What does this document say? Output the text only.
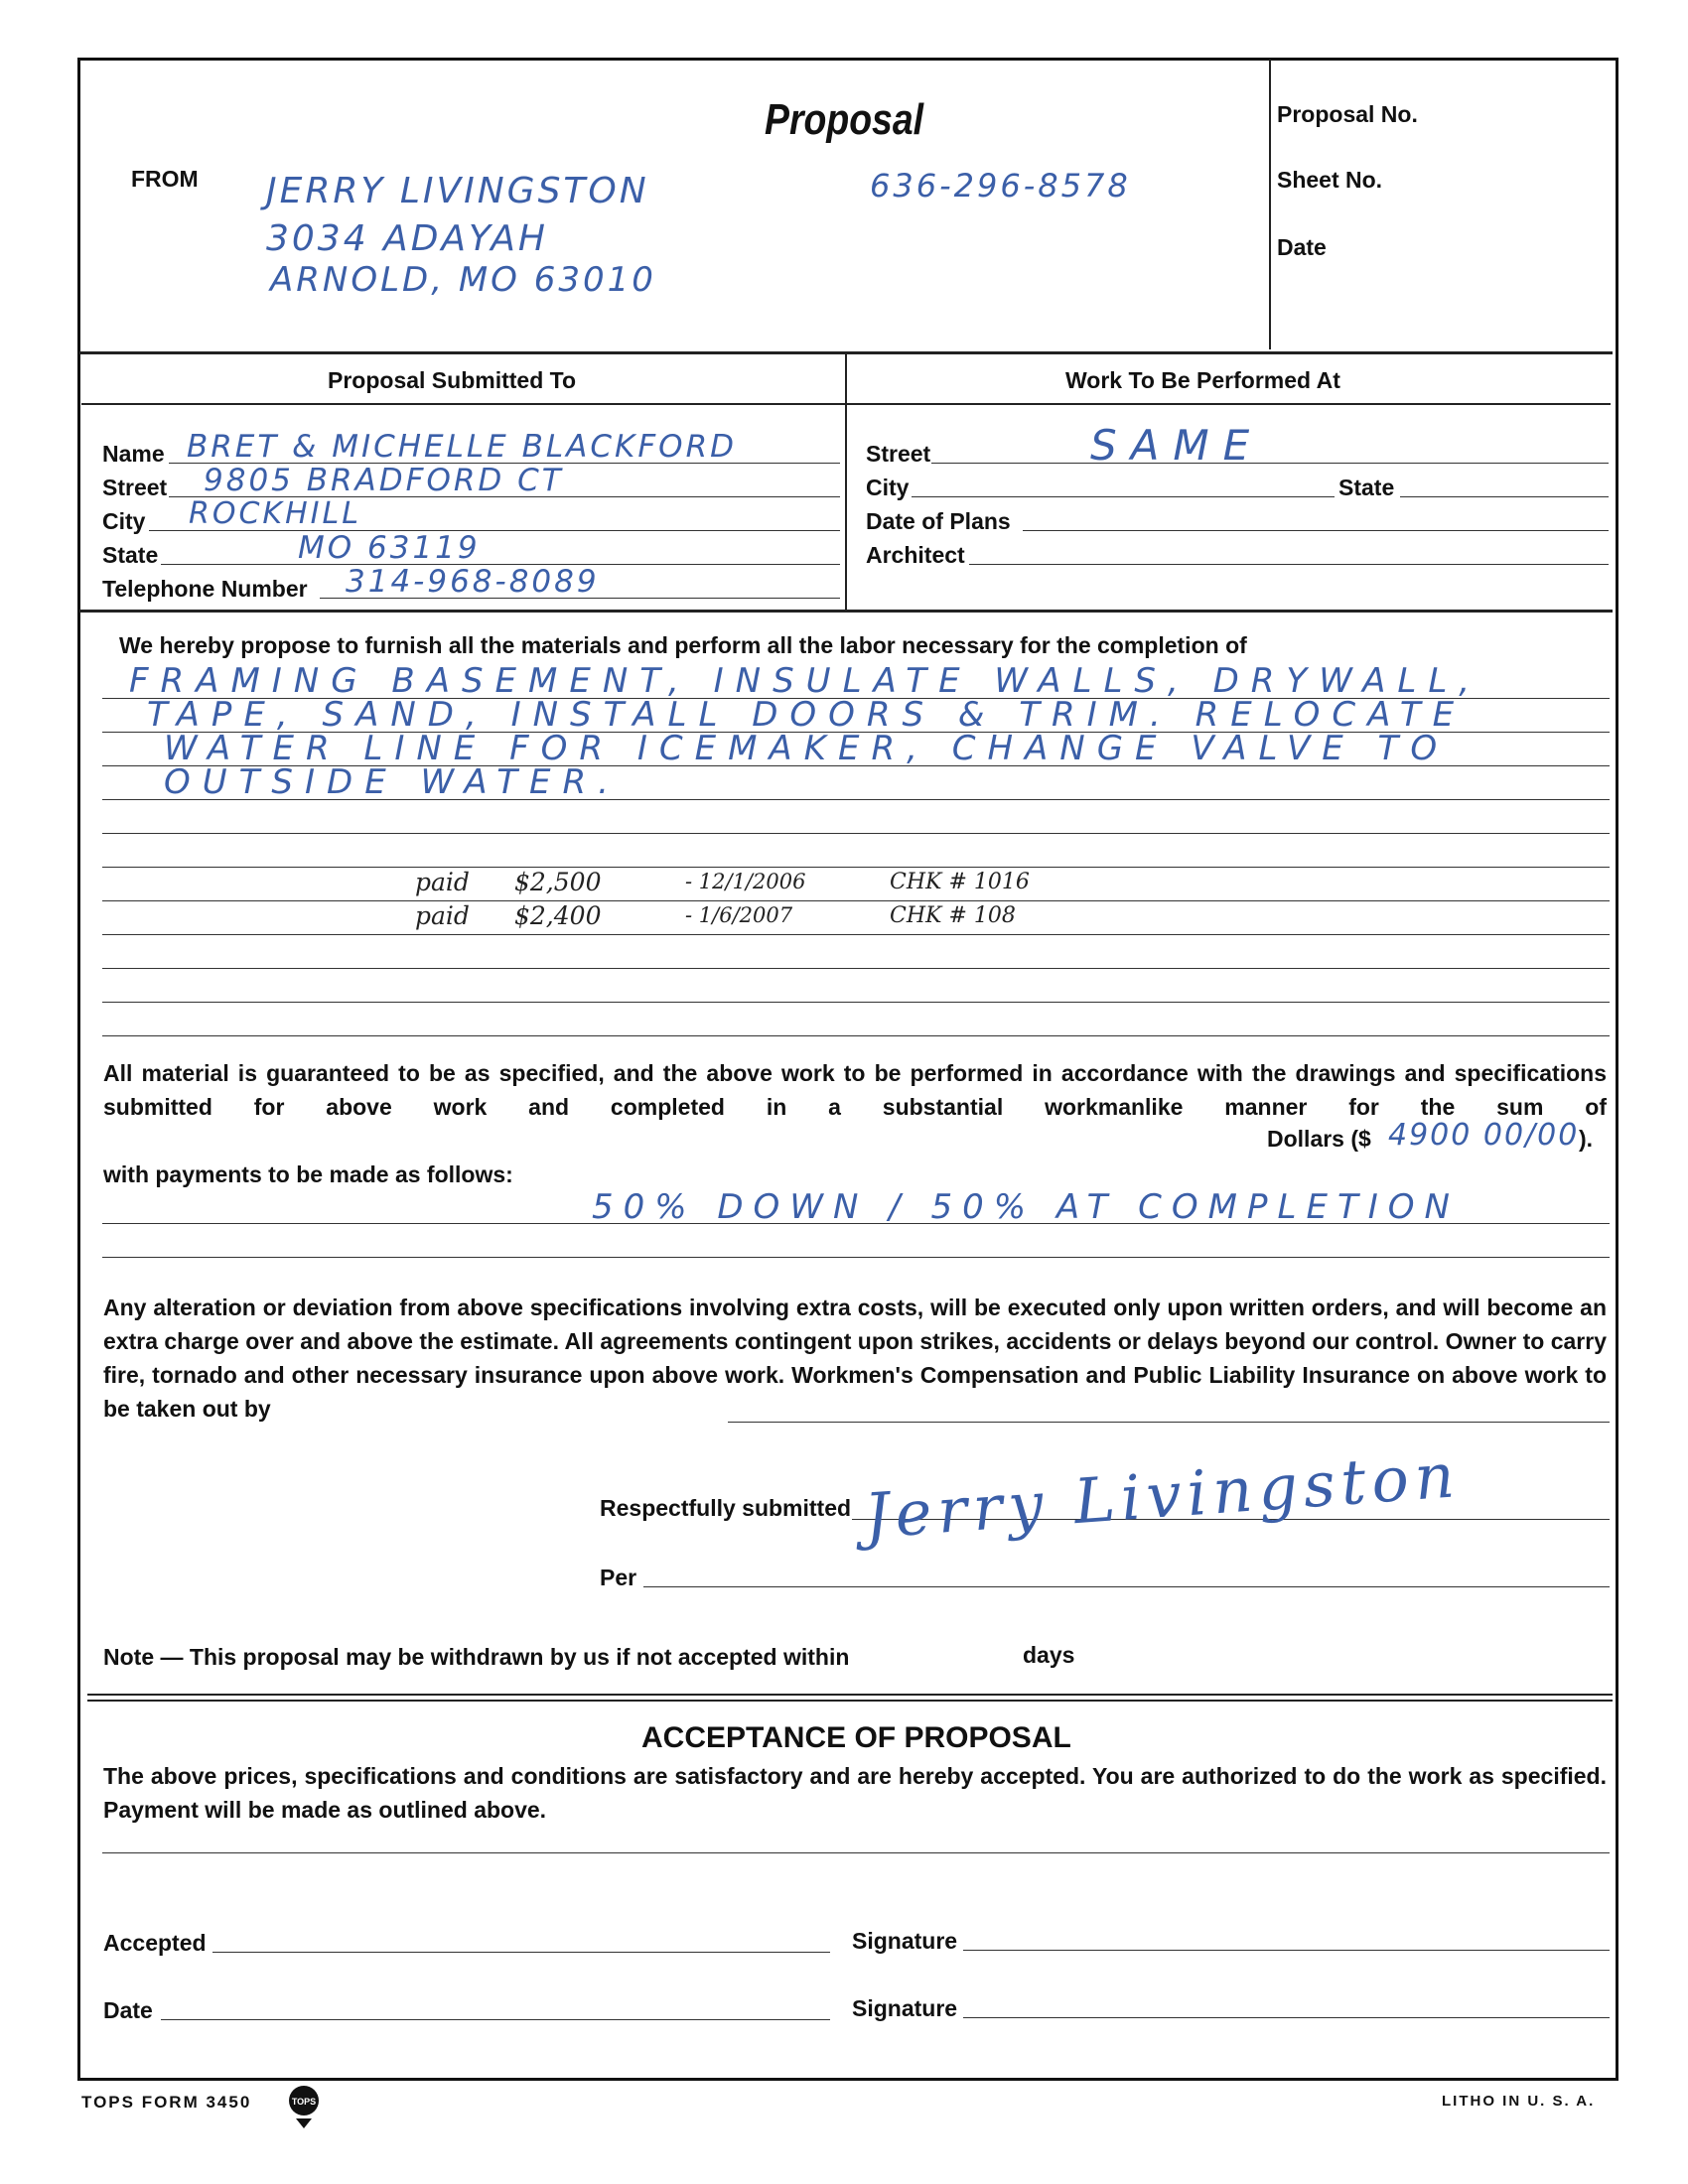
Proposal
FROM JERRY LIVINGSTON
3034 ADAYAH
ARNOLD, MO 63010
636-296-8578
Proposal No.
Sheet No.
Date
Proposal Submitted To	Work To Be Performed At
Name BRET & MICHELLE BLACKFORD
Street 9805 BRADFORD CT
City ROCKHILL
State	MO 63119
Telephone Number 314-968-8089
Street	SAME
City	State
Date of Plans
Architect
We hereby propose to furnish all the materials and perform all the labor necessary for the completion of
FRAMING BASEMENT, INSULATE WALLS, DRYWALL,
TAPE, SAND, INSTALL DOORS & TRIM. RELOCATE
WATER LINE FOR ICEMAKER, CHANGE VALVE TO
OUTSIDE WATER.
paid $2,500	- 12/1/2006	CHK # 1016
paid $2,400	- 1/6/2007	CHK # 108
All material is guaranteed to be as specified, and the above work to be performed in accordance with the drawings and specifications submitted for above work and completed in a substantial workmanlike manner for the sum of
Dollars ($ 4900 00/00 ).
with payments to be made as follows:
50% DOWN / 50% AT COMPLETION
Any alteration or deviation from above specifications involving extra costs, will be executed only upon written orders, and will become an extra charge over and above the estimate. All agreements contingent upon strikes, accidents or delays beyond our control. Owner to carry fire, tornado and other necessary insurance upon above work. Workmen's Compensation and Public Liability Insurance on above work to be taken out by
Respectfully submitted Jerry Livingston
Per
Note — This proposal may be withdrawn by us if not accepted within	days
ACCEPTANCE OF PROPOSAL
The above prices, specifications and conditions are satisfactory and are hereby accepted. You are authorized to do the work as specified. Payment will be made as outlined above.
Accepted	Signature
Date	Signature
TOPS FORM 3450	TOPS	LITHO IN U. S. A.
